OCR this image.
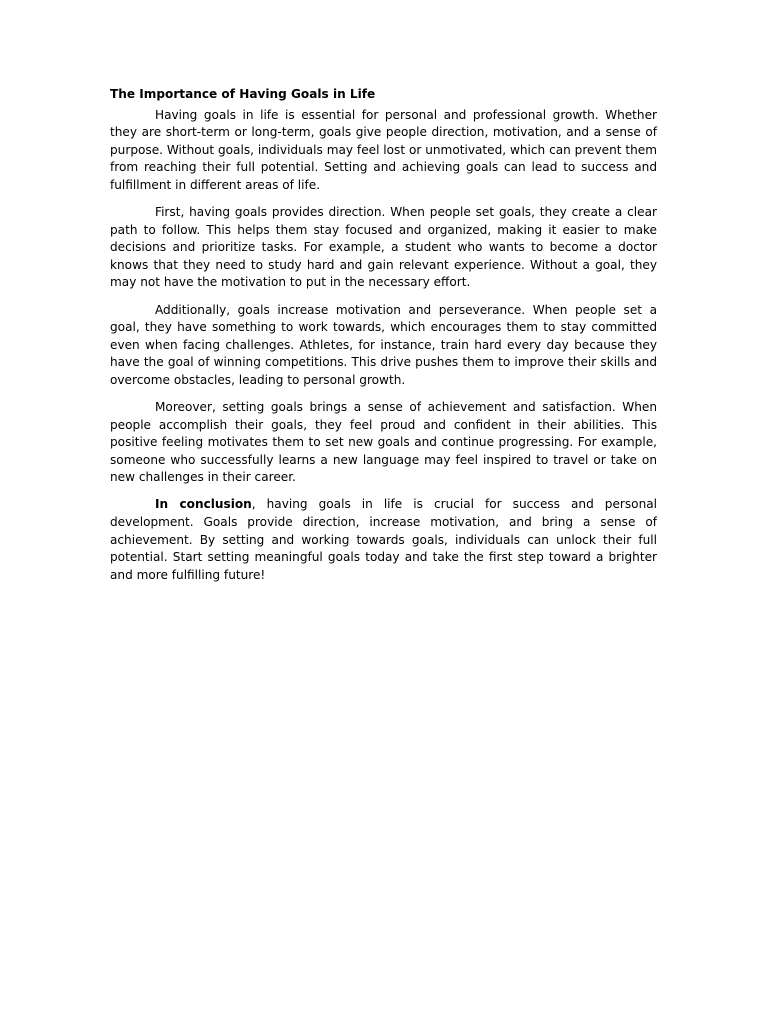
The Importance of Having Goals in Life

Having goals in life is essential for personal and professional growth. Whether they are short-term or long-term, goals give people direction, motivation, and a sense of purpose. Without goals, individuals may feel lost or unmotivated, which can prevent them from reaching their full potential. Setting and achieving goals can lead to success and fulfillment in different areas of life.

First, having goals provides direction. When people set goals, they create a clear path to follow. This helps them stay focused and organized, making it easier to make decisions and prioritize tasks. For example, a student who wants to become a doctor knows that they need to study hard and gain relevant experience. Without a goal, they may not have the motivation to put in the necessary effort.

Additionally, goals increase motivation and perseverance. When people set a goal, they have something to work towards, which encourages them to stay committed even when facing challenges. Athletes, for instance, train hard every day because they have the goal of winning competitions. This drive pushes them to improve their skills and overcome obstacles, leading to personal growth.

Moreover, setting goals brings a sense of achievement and satisfaction. When people accomplish their goals, they feel proud and confident in their abilities. This positive feeling motivates them to set new goals and continue progressing. For example, someone who successfully learns a new language may feel inspired to travel or take on new challenges in their career.

In conclusion, having goals in life is crucial for success and personal development. Goals provide direction, increase motivation, and bring a sense of achievement. By setting and working towards goals, individuals can unlock their full potential. Start setting meaningful goals today and take the first step toward a brighter and more fulfilling future!
